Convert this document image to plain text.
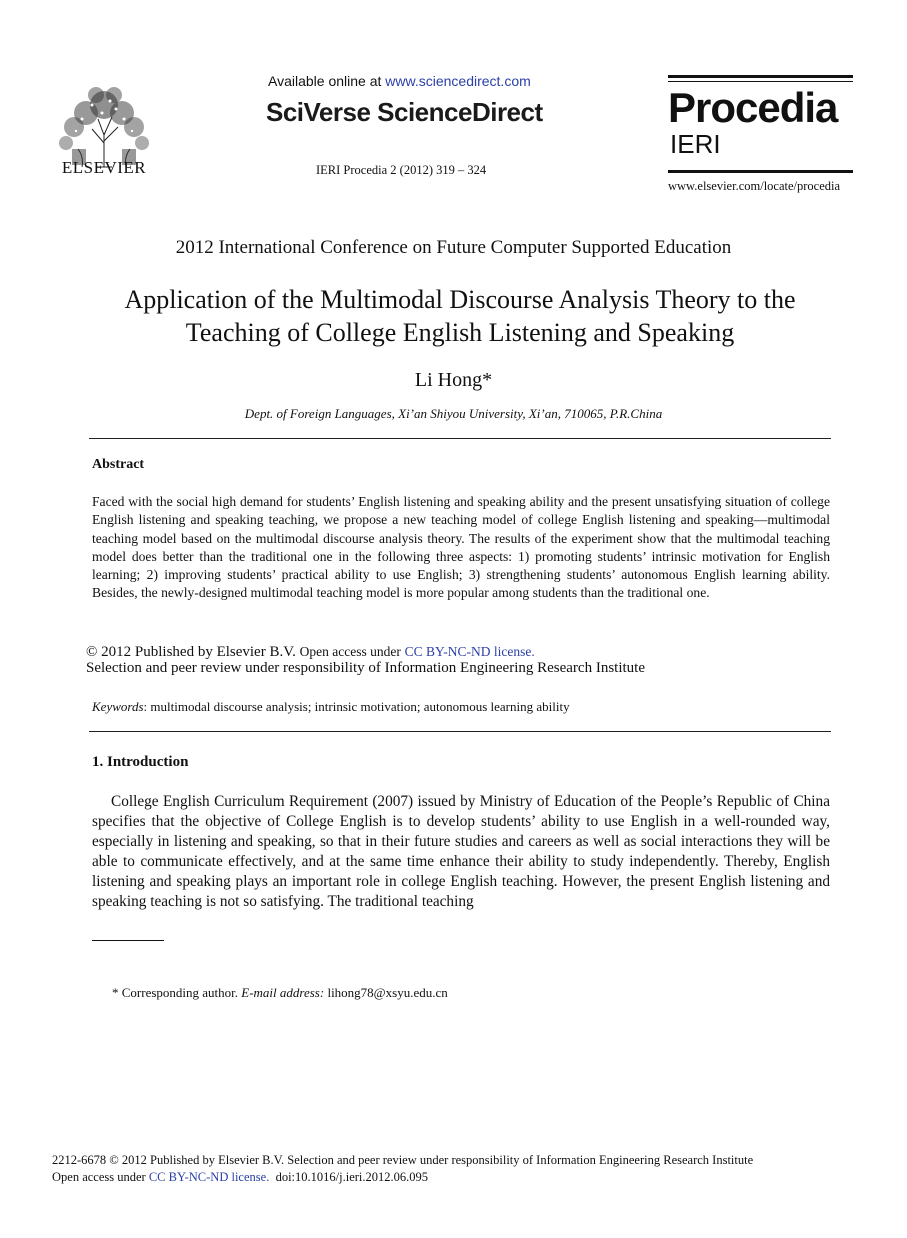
ELSEVIER
Available online at www.sciencedirect.com
SciVerse ScienceDirect
IERI Procedia 2 (2012) 319 – 324
Procedia
IERI
www.elsevier.com/locate/procedia
2012 International Conference on Future Computer Supported Education
Application of the Multimodal Discourse Analysis Theory to the
Teaching of College English Listening and Speaking
Li Hong*
Dept. of Foreign Languages, Xi’an Shiyou University, Xi’an, 710065, P.R.China
Abstract
Faced with the social high demand for students’ English listening and speaking ability and the present unsatisfying situation of college English listening and speaking teaching, we propose a new teaching model of college English listening and speaking—multimodal teaching model based on the multimodal discourse analysis theory. The results of the experiment show that the multimodal teaching model does better than the traditional one in the following three aspects: 1) promoting students’ intrinsic motivation for English learning; 2) improving students’ practical ability to use English; 3) strengthening students’ autonomous English learning ability. Besides, the newly-designed multimodal teaching model is more popular among students than the traditional one.
© 2012 Published by Elsevier B.V. Open access under CC BY-NC-ND license.
Selection and peer review under responsibility of Information Engineering Research Institute
Keywords: multimodal discourse analysis; intrinsic motivation; autonomous learning ability
1. Introduction
College English Curriculum Requirement (2007) issued by Ministry of Education of the People’s Republic of China specifies that the objective of College English is to develop students’ ability to use English in a well-rounded way, especially in listening and speaking, so that in their future studies and careers as well as social interactions they will be able to communicate effectively, and at the same time enhance their ability to study independently. Thereby, English listening and speaking plays an important role in college English teaching. However, the present English listening and speaking teaching is not so satisfying. The traditional teaching
* Corresponding author. E-mail address: lihong78@xsyu.edu.cn
2212-6678 © 2012 Published by Elsevier B.V. Selection and peer review under responsibility of Information Engineering Research Institute
Open access under CC BY-NC-ND license.  doi:10.1016/j.ieri.2012.06.095
